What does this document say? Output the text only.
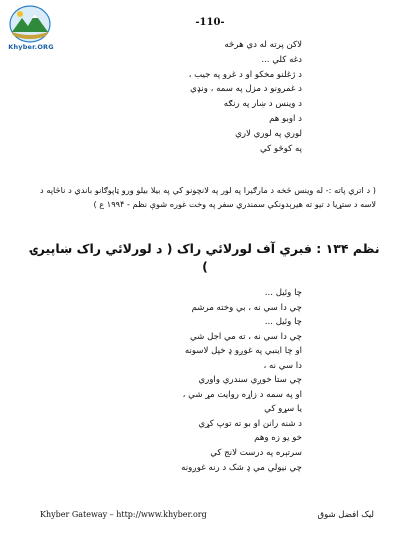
Khyber.ORG
-110-
لاکن پرته له دي هرڅه
دغه کلي ...
د ژغلنو مخکو او د غرو په جيب ،
د غمرونو د مزل په سمه ، ونډي
د وينس د ښار په رنګه
د اوبو هم
لوري په لوري لاري
په کوڅو کي
( د اتري پاته :- له وينس څخه د مارګيرا په لور په لانچونو کي په بيلا بيلو ورو ټاپوګانو باندي د ناڅاپه د لاسه د ستړيا د تيو ته هيرېدونکي سمندري سفر په وخت غوره شوې نظم - ۱۹۹۴ ع )
نظم ۱۳۴ : فبري آف لورلائي راک ( د لورلائي راک ښاپيرۍ )
چا وئيل ...
چي دا سي نه ، بي وخته مرشم
چا وئيل ...
چي دا سي نه ، ته مي اجل شي
او چا اينبي په غوږو ډ خپل لاسونه
دا سي نه ،
چي ستا خوږي سندري واوري
او په سمه د زاړه روايت مړ شي ،
يا سړو کي
د شنه رانن او بو ته توپ کړي
خو يو زه وهم
سرتېره په درست لانج کي
چي نيولي مي ډ شک د رنه غوږونه
Khyber Gateway – http://www.khyber.org	ليک افضل شوق
